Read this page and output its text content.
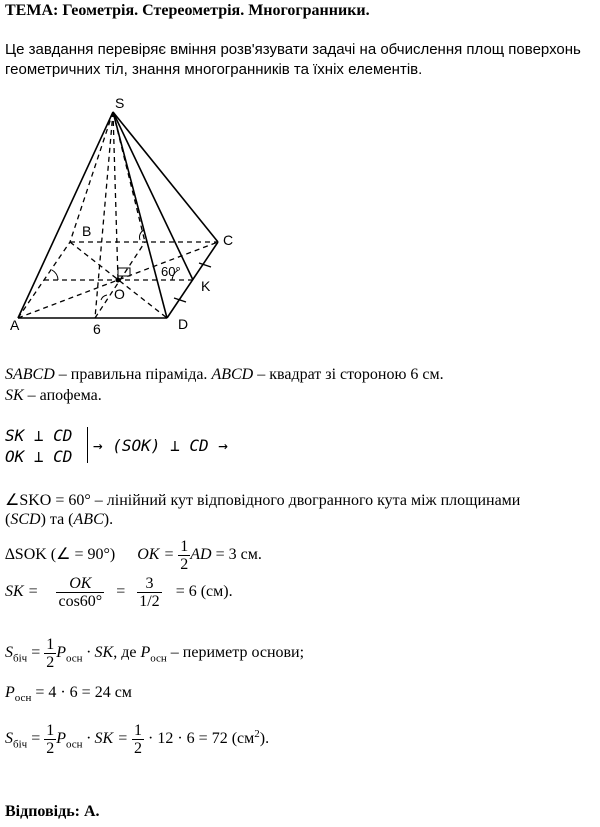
ТЕМА: Геометрія. Стереометрія. Многогранники.
Це завдання перевіряє вміння розв'язувати задачі на обчислення площ поверхонь геометричних тіл, знання многогранників та їхніх елементів.
S
A
B
C
D
O	K
6
60°
SABCD – правильна піраміда. ABCD – квадрат зі стороною 6 см.
SK – апофема.
SK ⊥ CD
OK ⊥ CD
→ (SOK) ⊥ CD →
∠SKO = 60° – лінійний кут відповідного двогранного кута між площинами
(SCD) та (ABC).
∆SOK (∠ = 90°) OK = $\frac{1}{2}$ AD = 3 см.
SK = $\frac{OK}{\cos 60^\circ} = \frac{3}{1/2} = 6$ (см).
$S_{біч} = \frac{1}{2} P_{осн}$ · SK, де $P_{осн}$ – периметр основи;
$P_{осн} = 4 \cdot 6 = 24$ см
$S_{біч} = \frac{1}{2} P_{осн}$ · SK = $\frac{1}{2} \cdot 12 \cdot 6 = 72$ $(см^2)$.
Відповідь: А.
